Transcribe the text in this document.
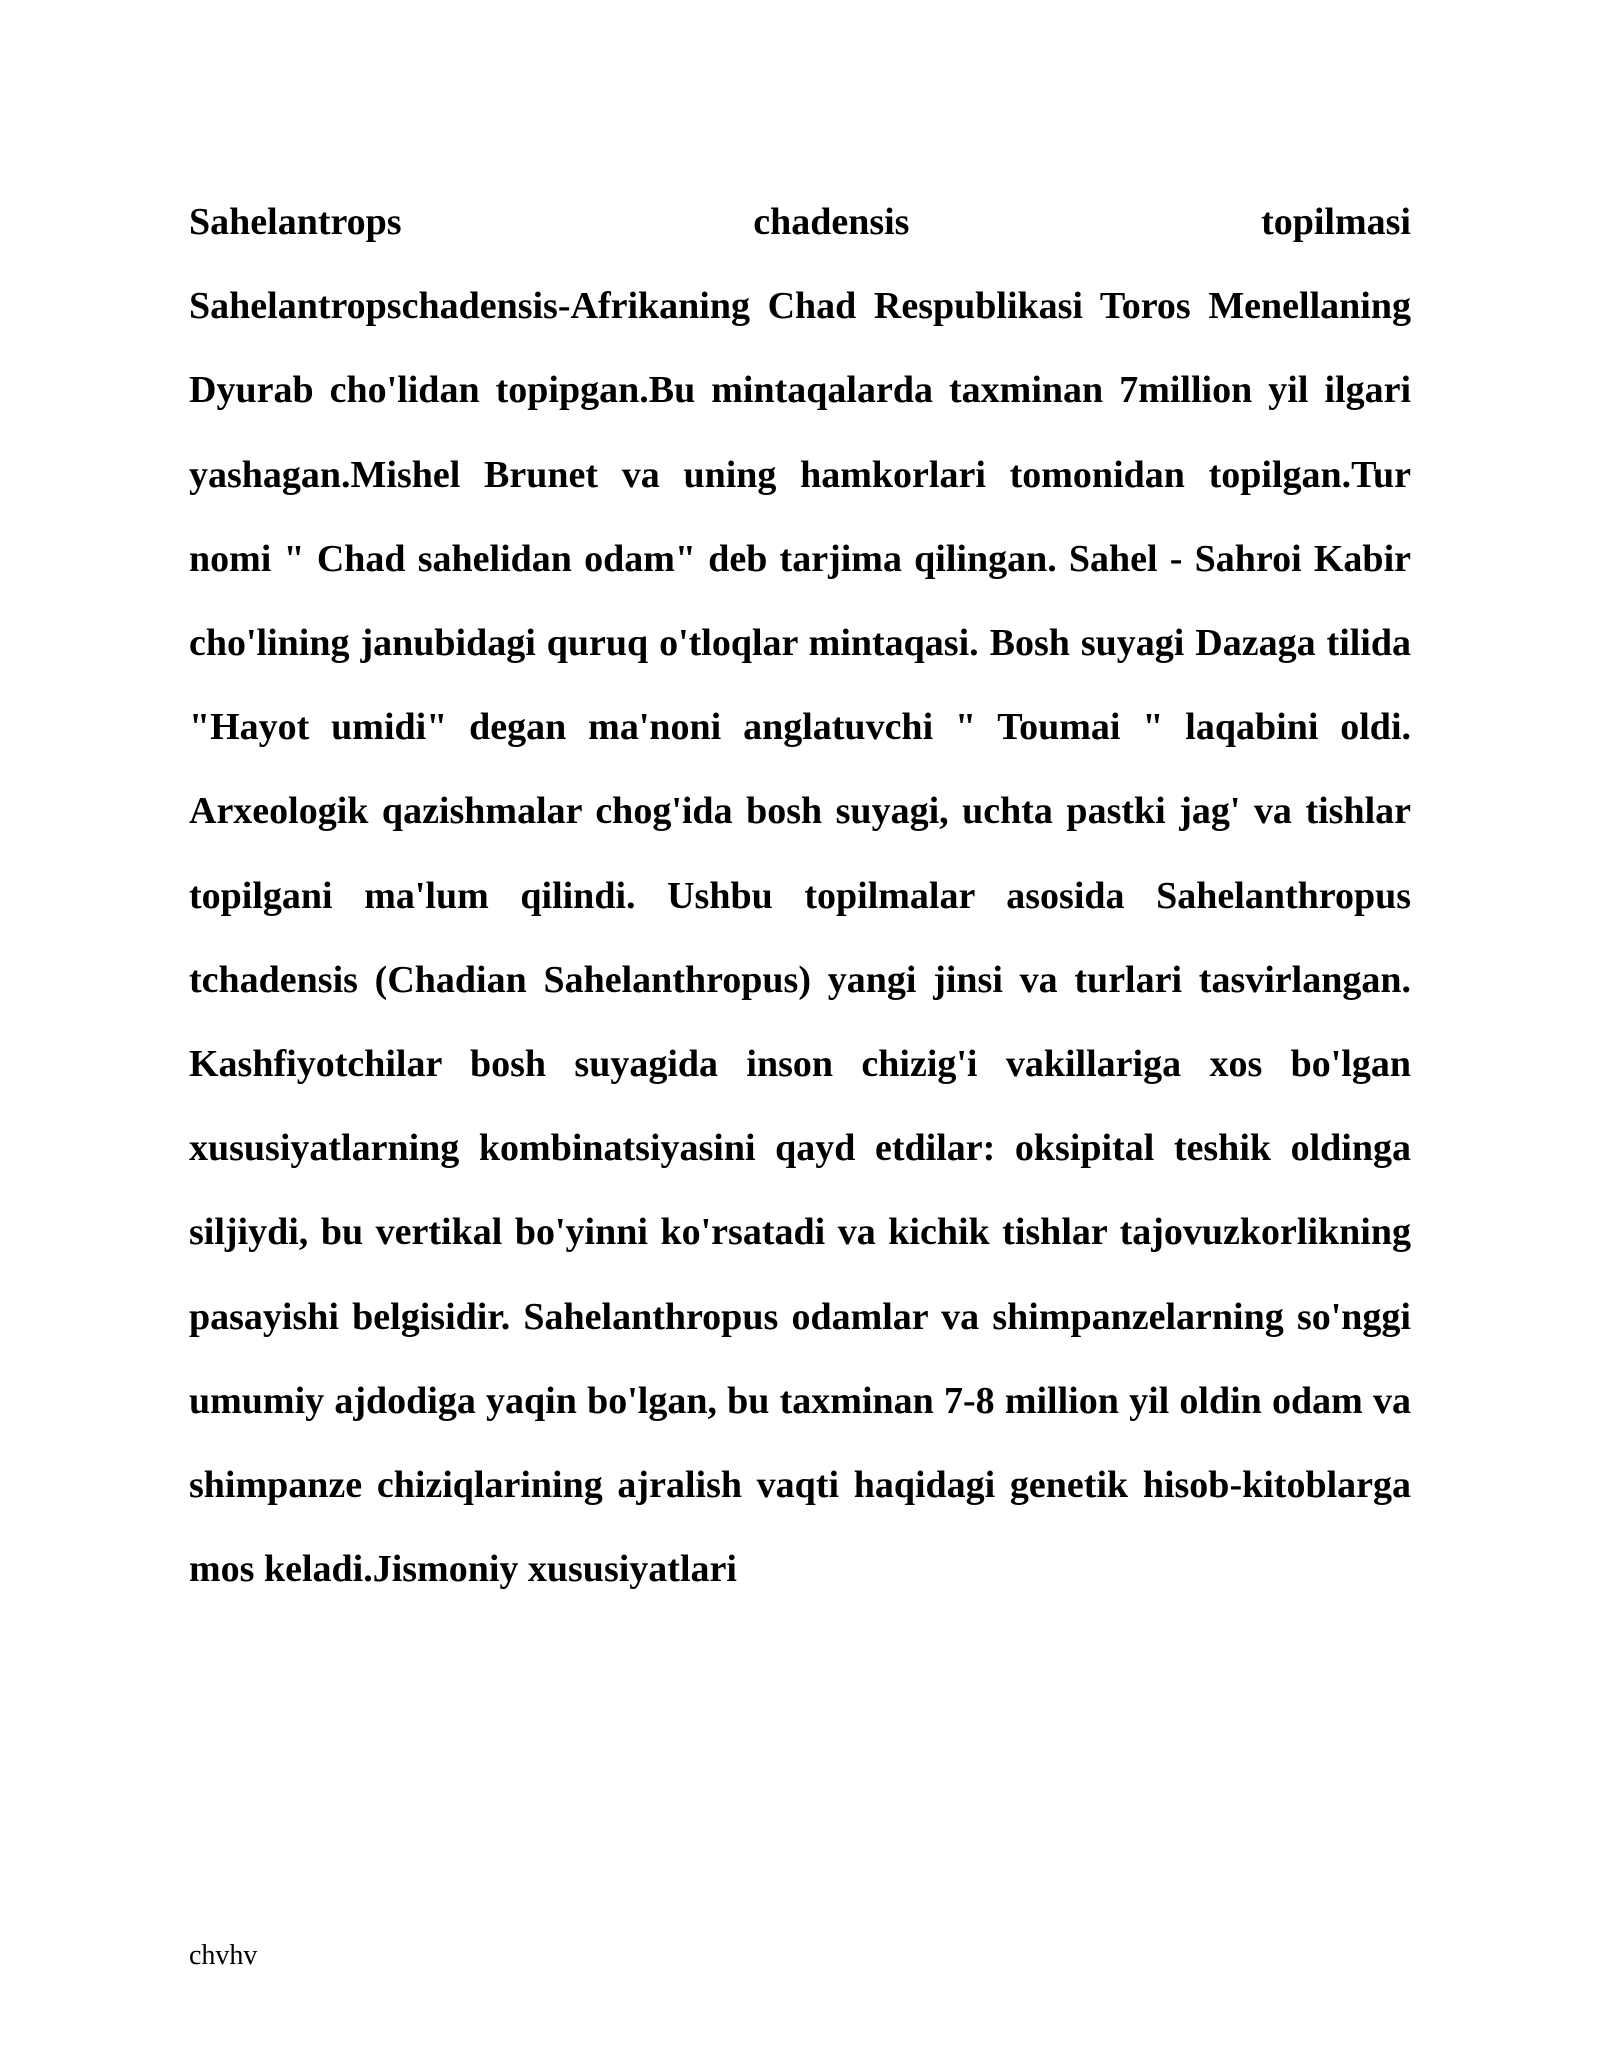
Sahelantrops chadensis topilmasi
Sahelantropschadensis-Afrikaning Chad Respublikasi Toros Menellaning Dyurab cho'lidan topipgan.Bu mintaqalarda taxminan 7million yil ilgari yashagan.Mishel Brunet va uning hamkorlari tomonidan topilgan.Tur nomi " Chad sahelidan odam" deb tarjima qilingan. Sahel - Sahroi Kabir cho'lining janubidagi quruq o'tloqlar mintaqasi. Bosh suyagi Dazaga tilida "Hayot umidi" degan ma'noni anglatuvchi " Toumai " laqabini oldi. Arxeologik qazishmalar chog'ida bosh suyagi, uchta pastki jag' va tishlar topilgani ma'lum qilindi. Ushbu topilmalar asosida Sahelanthropus tchadensis (Chadian Sahelanthropus) yangi jinsi va turlari tasvirlangan. Kashfiyotchilar bosh suyagida inson chizig'i vakillariga xos bo'lgan xususiyatlarning kombinatsiyasini qayd etdilar: oksipital teshik oldinga siljiydi, bu vertikal bo'yinni ko'rsatadi va kichik tishlar tajovuzkorlikning pasayishi belgisidir. Sahelanthropus odamlar va shimpanzelarning so'nggi umumiy ajdodiga yaqin bo'lgan, bu taxminan 7-8 million yil oldin odam va shimpanze chiziqlarining ajralish vaqti haqidagi genetik hisob-kitoblarga mos keladi.Jismoniy xususiyatlari
chvhv
